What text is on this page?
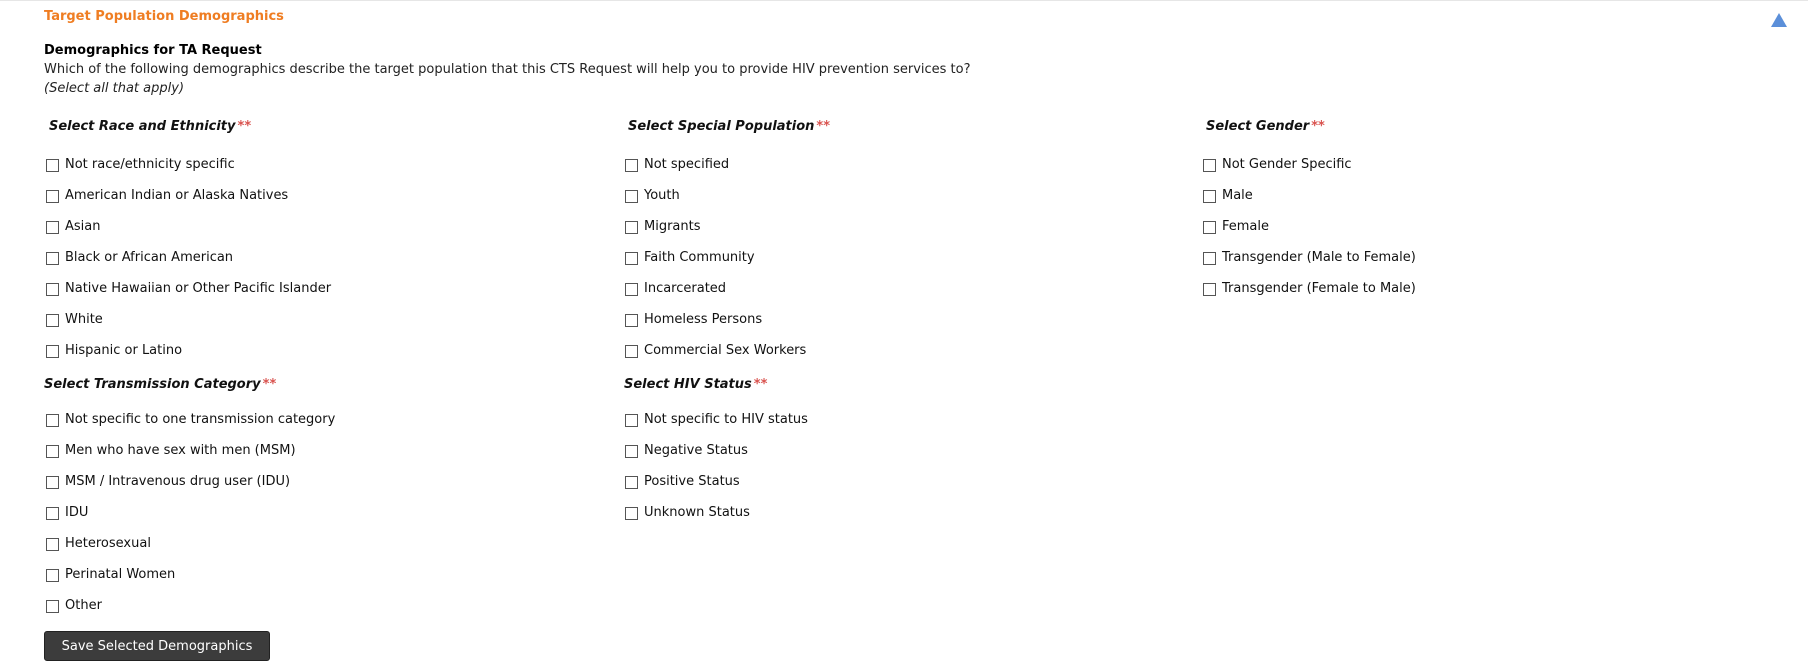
Target Population Demographics
Demographics for TA Request
Which of the following demographics describe the target population that this CTS Request will help you to provide HIV prevention services to?
(Select all that apply)
Select Race and Ethnicity **
Not race/ethnicity specific
American Indian or Alaska Natives
Asian
Black or African American
Native Hawaiian or Other Pacific Islander
White
Hispanic or Latino
Select Special Population **
Not specified
Youth
Migrants
Faith Community
Incarcerated
Homeless Persons
Commercial Sex Workers
Select Gender **
Not Gender Specific
Male
Female
Transgender (Male to Female)
Transgender (Female to Male)
Select Transmission Category **
Not specific to one transmission category
Men who have sex with men (MSM)
MSM / Intravenous drug user (IDU)
IDU
Heterosexual
Perinatal Women
Other
Select HIV Status **
Not specific to HIV status
Negative Status
Positive Status
Unknown Status
Save Selected Demographics
